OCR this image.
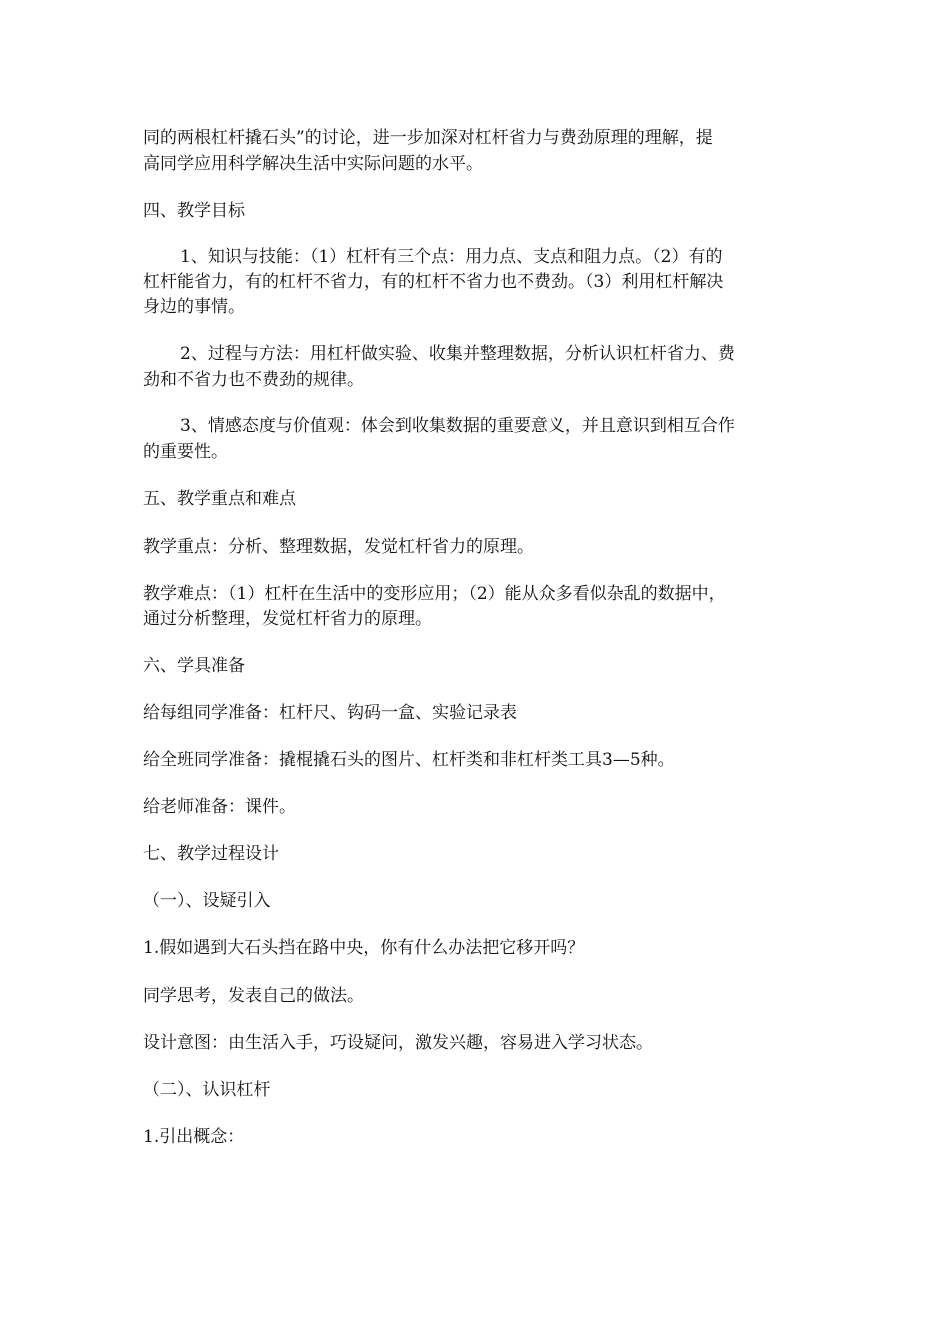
同的两根杠杆撬石头”的讨论，进一步加深对杠杆省力与费劲原理的理解，提
高同学应用科学解决生活中实际问题的水平。
四、教学目标
1、知识与技能：（1）杠杆有三个点：用力点、支点和阻力点。（2）有的
杠杆能省力，有的杠杆不省力，有的杠杆不省力也不费劲。（3）利用杠杆解决
身边的事情。
2、过程与方法：用杠杆做实验、收集并整理数据，分析认识杠杆省力、费
劲和不省力也不费劲的规律。
3、情感态度与价值观：体会到收集数据的重要意义，并且意识到相互合作
的重要性。
五、教学重点和难点
教学重点：分析、整理数据，发觉杠杆省力的原理。
教学难点：（1）杠杆在生活中的变形应用；（2）能从众多看似杂乱的数据中，
通过分析整理，发觉杠杆省力的原理。
六、学具准备
给每组同学准备：杠杆尺、钩码一盒、实验记录表
给全班同学准备：撬棍撬石头的图片、杠杆类和非杠杆类工具3—5种。
给老师准备：课件。
七、教学过程设计
（一）、设疑引入
1.假如遇到大石头挡在路中央，你有什么办法把它移开吗？
同学思考，发表自己的做法。
设计意图：由生活入手，巧设疑问，激发兴趣，容易进入学习状态。
（二）、认识杠杆
1.引出概念：
